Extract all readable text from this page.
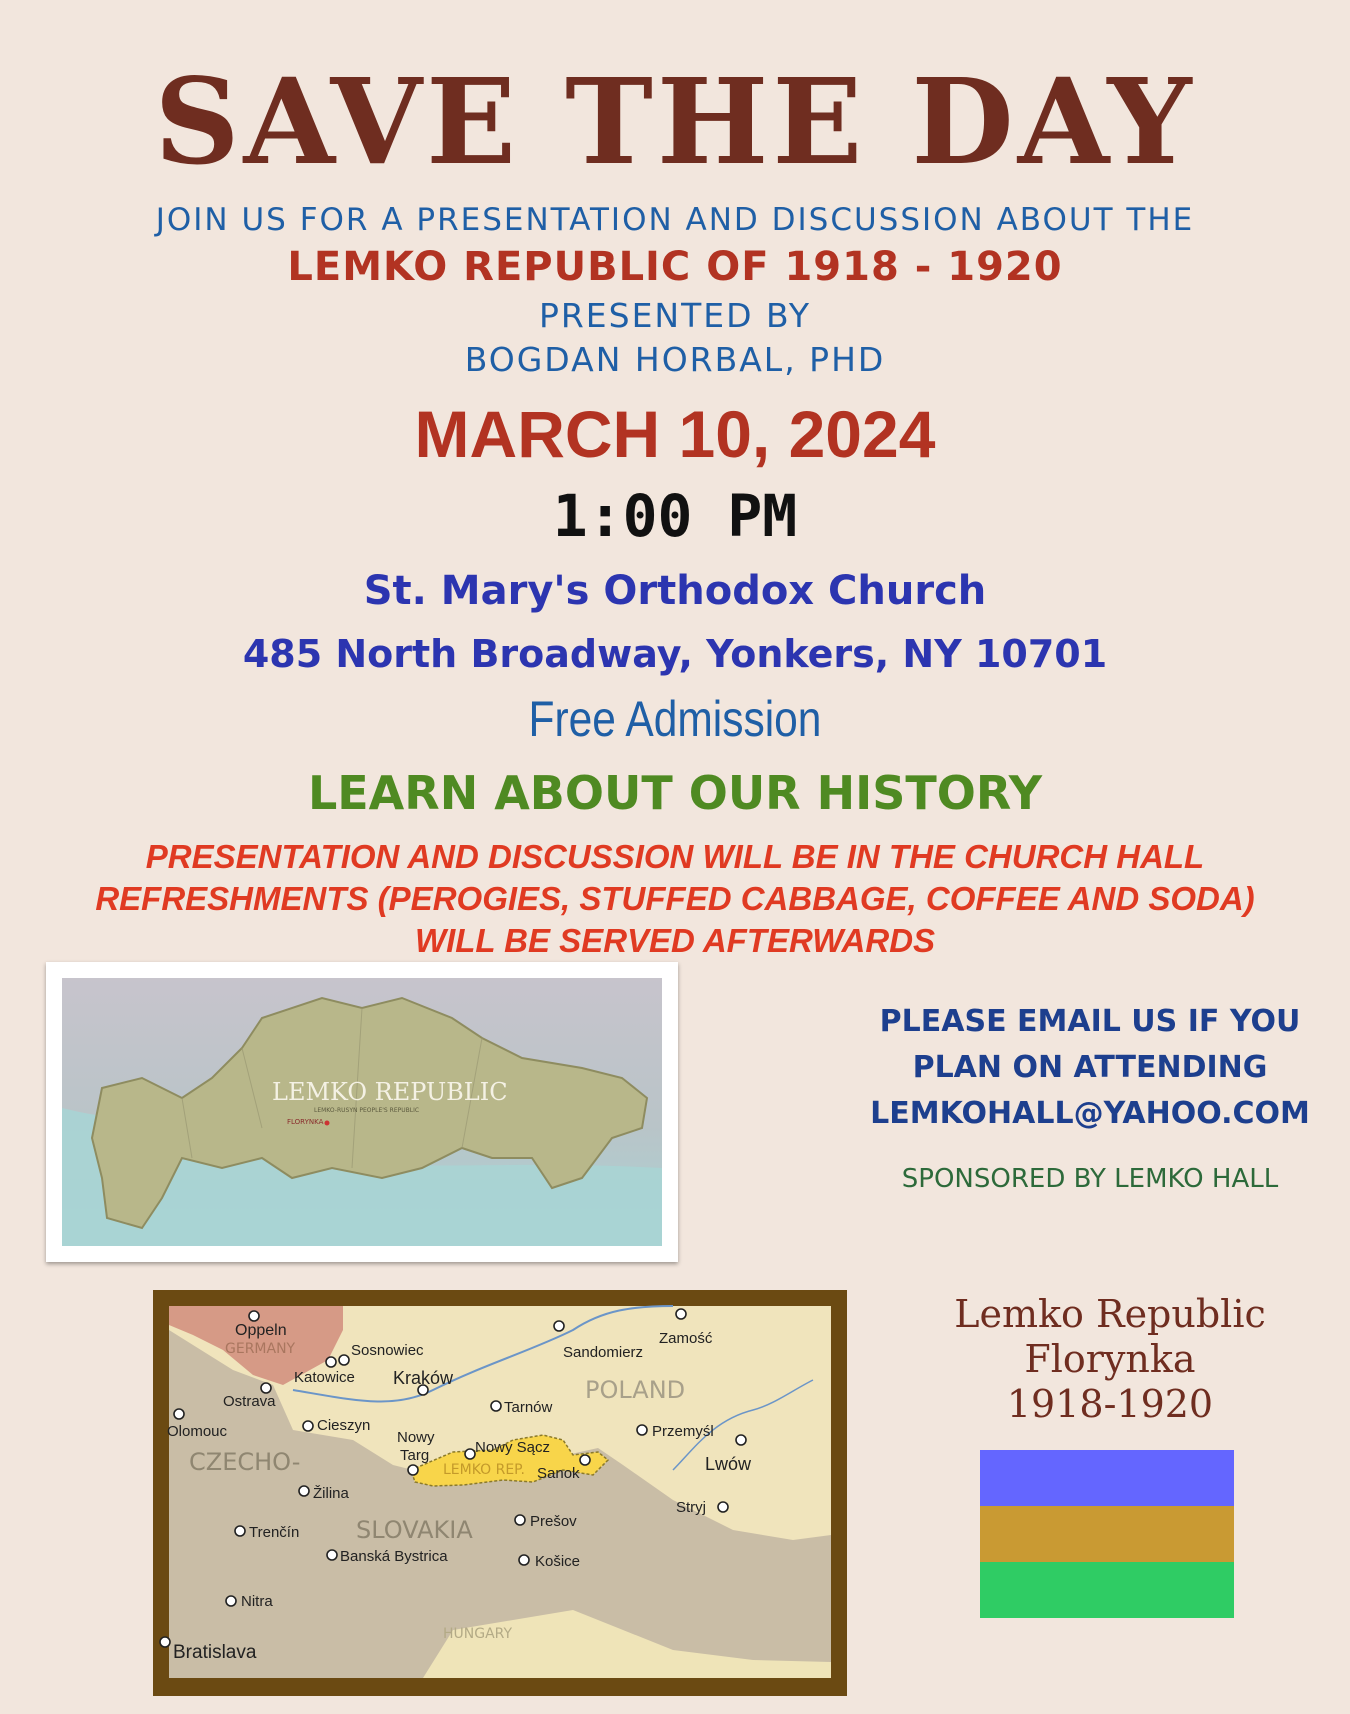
SAVE THE DAY
JOIN US FOR A PRESENTATION AND DISCUSSION ABOUT THE
LEMKO REPUBLIC OF 1918 - 1920
PRESENTED BY
BOGDAN HORBAL, PHD
MARCH 10, 2024
1:00 PM
St. Mary's Orthodox Church
485 North Broadway, Yonkers, NY 10701
Free Admission
LEARN ABOUT OUR HISTORY
PRESENTATION AND DISCUSSION WILL BE IN THE CHURCH HALL
REFRESHMENTS (PEROGIES, STUFFED CABBAGE, COFFEE AND SODA)
WILL BE SERVED AFTERWARDS
LEMKO REPUBLIC
LEMKO-RUSYN PEOPLE'S REPUBLIC
FLORYNKA
PLEASE EMAIL US IF YOU
PLAN ON ATTENDING
LEMKOHALL@YAHOO.COM
SPONSORED BY LEMKO HALL
GERMANY
POLAND
CZECHO-
SLOVAKIA
HUNGARY
LEMKO REP.
Oppeln
Sosnowiec
Katowice Kraków
Sandomierz
Zamość
Ostrava
Olomouc	Cieszyn
Tarnów
Nowy
Targ	Nowy Sącz
Sanok
Przemyśl
Lwów
Žilina
Stryj
Prešov
Trenčín
Banská Bystrica	Košice
Nitra
Bratislava
Lemko Republic
Florynka
1918-1920
